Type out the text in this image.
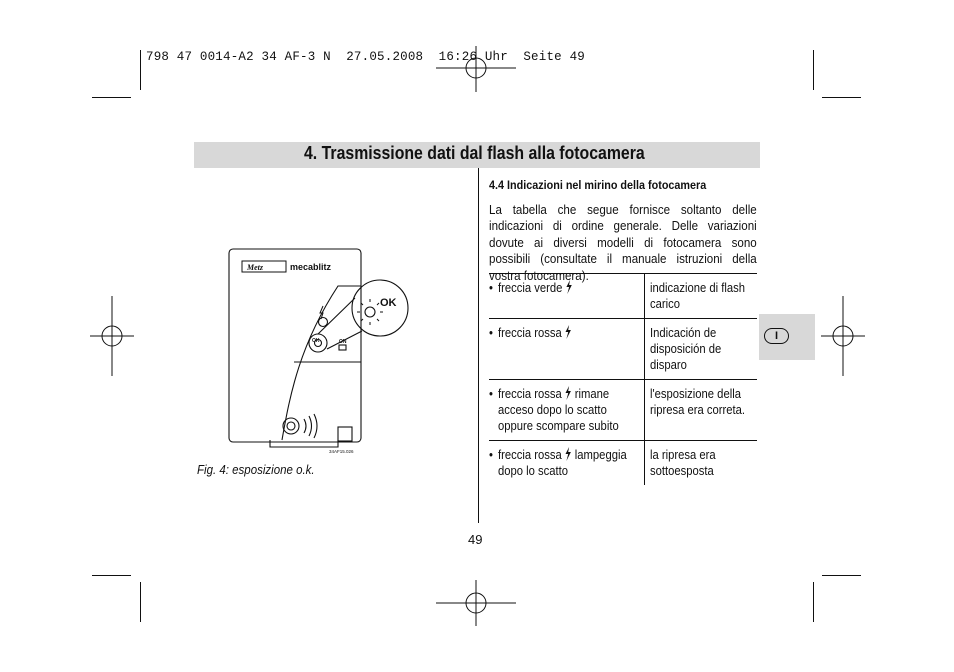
798 47 0014-A2 34 AF-3 N  27.05.2008  16:26 Uhr  Seite 49
4. Trasmissione dati dal flash alla fotocamera
Metz	mecablitz
OK
OK	ON
34AF15.026
Fig. 4: esposizione o.k.
4.4 Indicazioni nel mirino della fotocamera
La tabella che segue fornisce soltanto delle indicazioni di ordine generale. Delle variazioni dovute ai diversi modelli di fotocamera sono possibili (consultate il manuale istruzioni della vostra fotocamera).
• freccia verde	indicazione di flash carico

• freccia rossa	Indicación de disposición de disparo

• freccia rossa rimane
acceso dopo lo scatto
oppure scompare subito	l'esposizione della ripresa era correta.

• freccia rossa lampeggia
dopo lo scatto	la ripresa era sottoesposta
I
49
